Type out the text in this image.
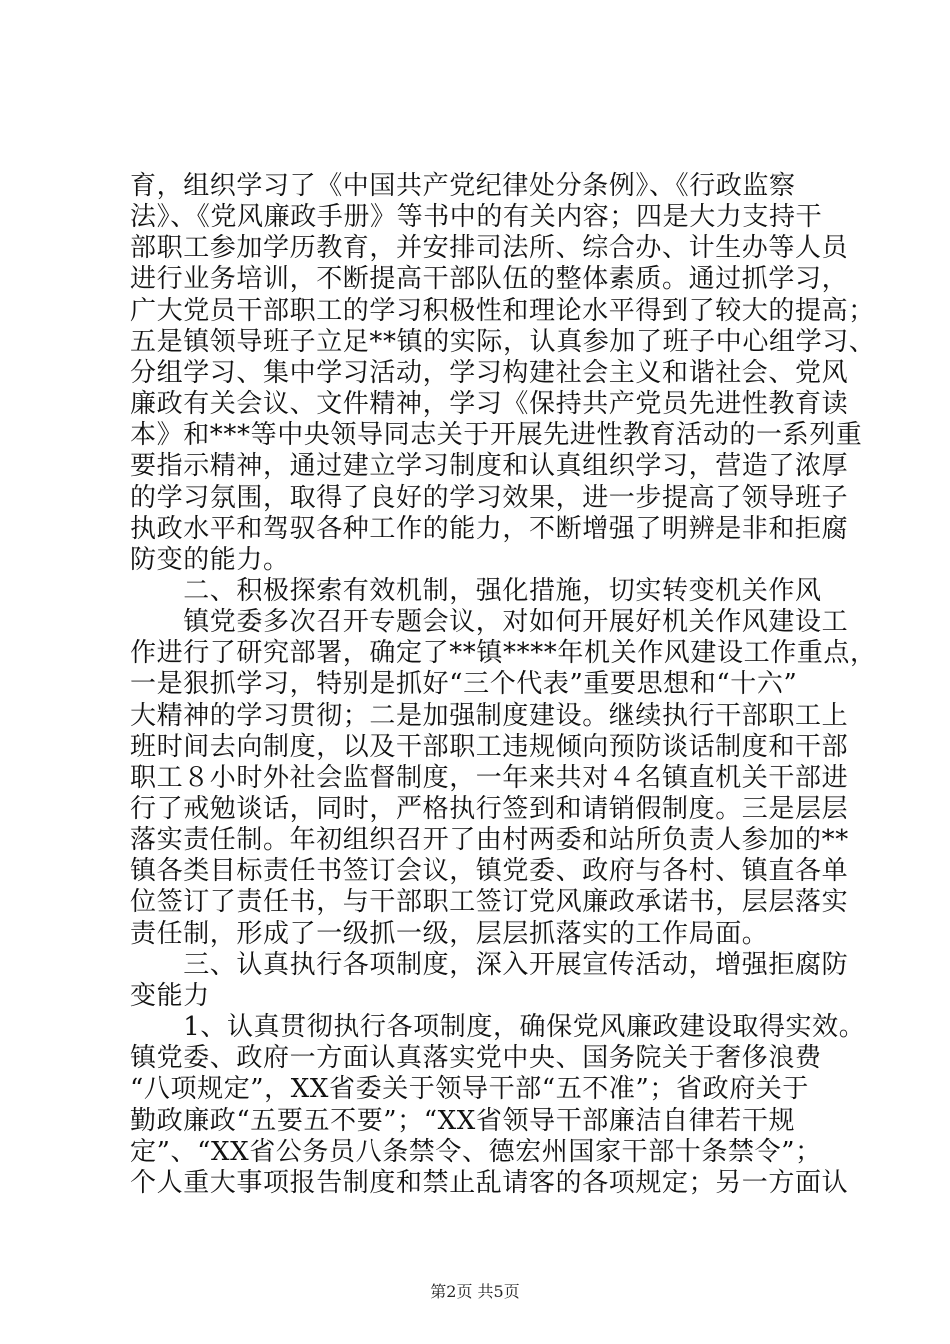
育，组织学习了《中国共产党纪律处分条例》、《行政监察
法》、《党风廉政手册》等书中的有关内容；四是大力支持干
部职工参加学历教育，并安排司法所、综合办、计生办等人员
进行业务培训，不断提高干部队伍的整体素质。通过抓学习，
广大党员干部职工的学习积极性和理论水平得到了较大的提高；
五是镇领导班子立足**镇的实际，认真参加了班子中心组学习、
分组学习、集中学习活动，学习构建社会主义和谐社会、党风
廉政有关会议、文件精神，学习《保持共产党员先进性教育读
本》和***等中央领导同志关于开展先进性教育活动的一系列重
要指示精神，通过建立学习制度和认真组织学习，营造了浓厚
的学习氛围，取得了良好的学习效果，进一步提高了领导班子
执政水平和驾驭各种工作的能力，不断增强了明辨是非和拒腐
防变的能力。
　　二、积极探索有效机制，强化措施，切实转变机关作风
　　镇党委多次召开专题会议，对如何开展好机关作风建设工
作进行了研究部署，确定了**镇****年机关作风建设工作重点，
一是狠抓学习，特别是抓好“三个代表”重要思想和“十六”
大精神的学习贯彻；二是加强制度建设。继续执行干部职工上
班时间去向制度，以及干部职工违规倾向预防谈话制度和干部
职工８小时外社会监督制度，一年来共对４名镇直机关干部进
行了戒勉谈话，同时，严格执行签到和请销假制度。三是层层
落实责任制。年初组织召开了由村两委和站所负责人参加的**
镇各类目标责任书签订会议，镇党委、政府与各村、镇直各单
位签订了责任书，与干部职工签订党风廉政承诺书，层层落实
责任制，形成了一级抓一级，层层抓落实的工作局面。
　　三、认真执行各项制度，深入开展宣传活动，增强拒腐防
变能力
　　1、认真贯彻执行各项制度，确保党风廉政建设取得实效。
镇党委、政府一方面认真落实党中央、国务院关于奢侈浪费
“八项规定”，XX省委关于领导干部“五不准”；省政府关于
勤政廉政“五要五不要”；“XX省领导干部廉洁自律若干规
定”、“XX省公务员八条禁令、德宏州国家干部十条禁令”；
个人重大事项报告制度和禁止乱请客的各项规定；另一方面认
第2页 共5页
